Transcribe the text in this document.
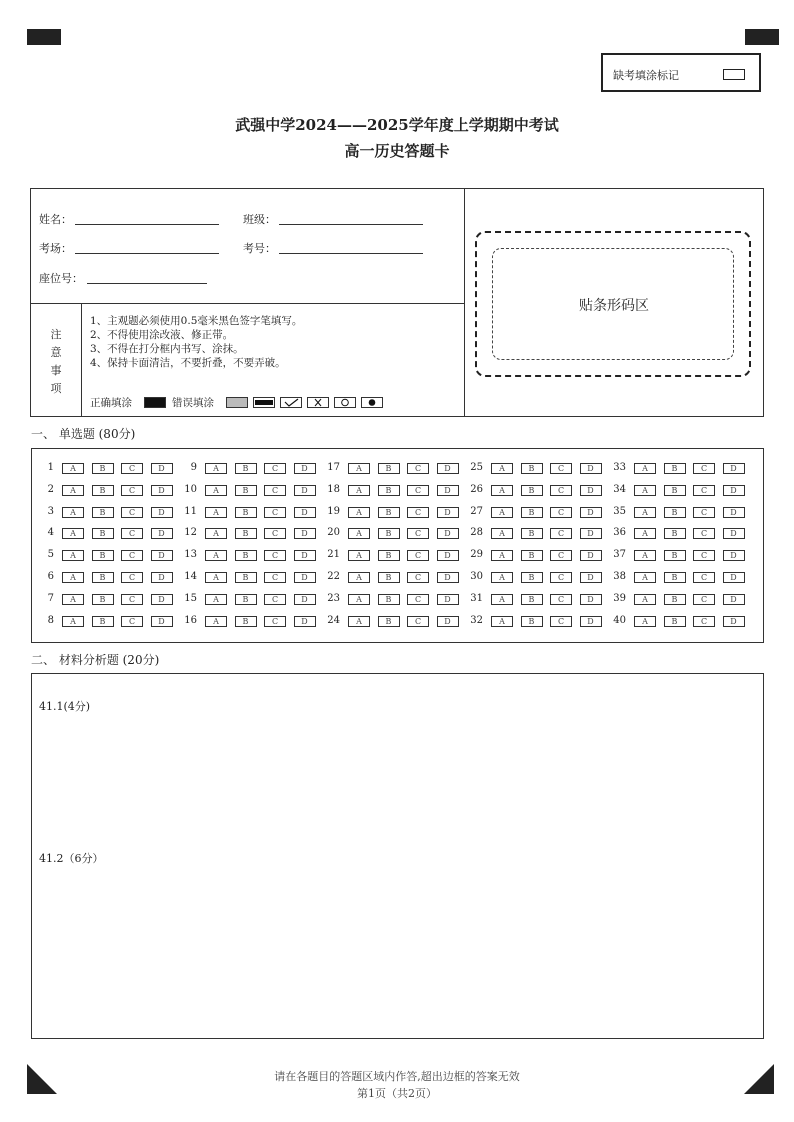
缺考填涂标记
武强中学2024——2025学年度上学期期中考试
高一历史答题卡
姓名：	班级：
考场：	考号：
座位号：
注
意
事
项
1、主观题必须使用0.5毫米黑色签字笔填写。
2、不得使用涂改液、修正带。
3、不得在打分框内书写、涂抹。
4、保持卡面清洁，不要折叠，不要弄破。
正确填涂	错误填涂
贴条形码区
一、 单选题 (80分)
1	A	B	C	D
2	A	B	C	D
3	A	B	C	D
4	A	B	C	D
5	A	B	C	D
6	A	B	C	D
7	A	B	C	D
8	A	B	C	D
9	A	B	C	D
10	A	B	C	D
11	A	B	C	D
12	A	B	C	D
13	A	B	C	D
14	A	B	C	D
15	A	B	C	D
16	A	B	C	D
17	A	B	C	D
18	A	B	C	D
19	A	B	C	D
20	A	B	C	D
21	A	B	C	D
22	A	B	C	D
23	A	B	C	D
24	A	B	C	D
25	A	B	C	D
26	A	B	C	D
27	A	B	C	D
28	A	B	C	D
29	A	B	C	D
30	A	B	C	D
31	A	B	C	D
32	A	B	C	D
33	A	B	C	D
34	A	B	C	D
35	A	B	C	D
36	A	B	C	D
37	A	B	C	D
38	A	B	C	D
39	A	B	C	D
40	A	B	C	D
二、 材料分析题 (20分)
41.1(4分)
41.2（6分）
请在各题目的答题区域内作答,超出边框的答案无效
第1页（共2页）
